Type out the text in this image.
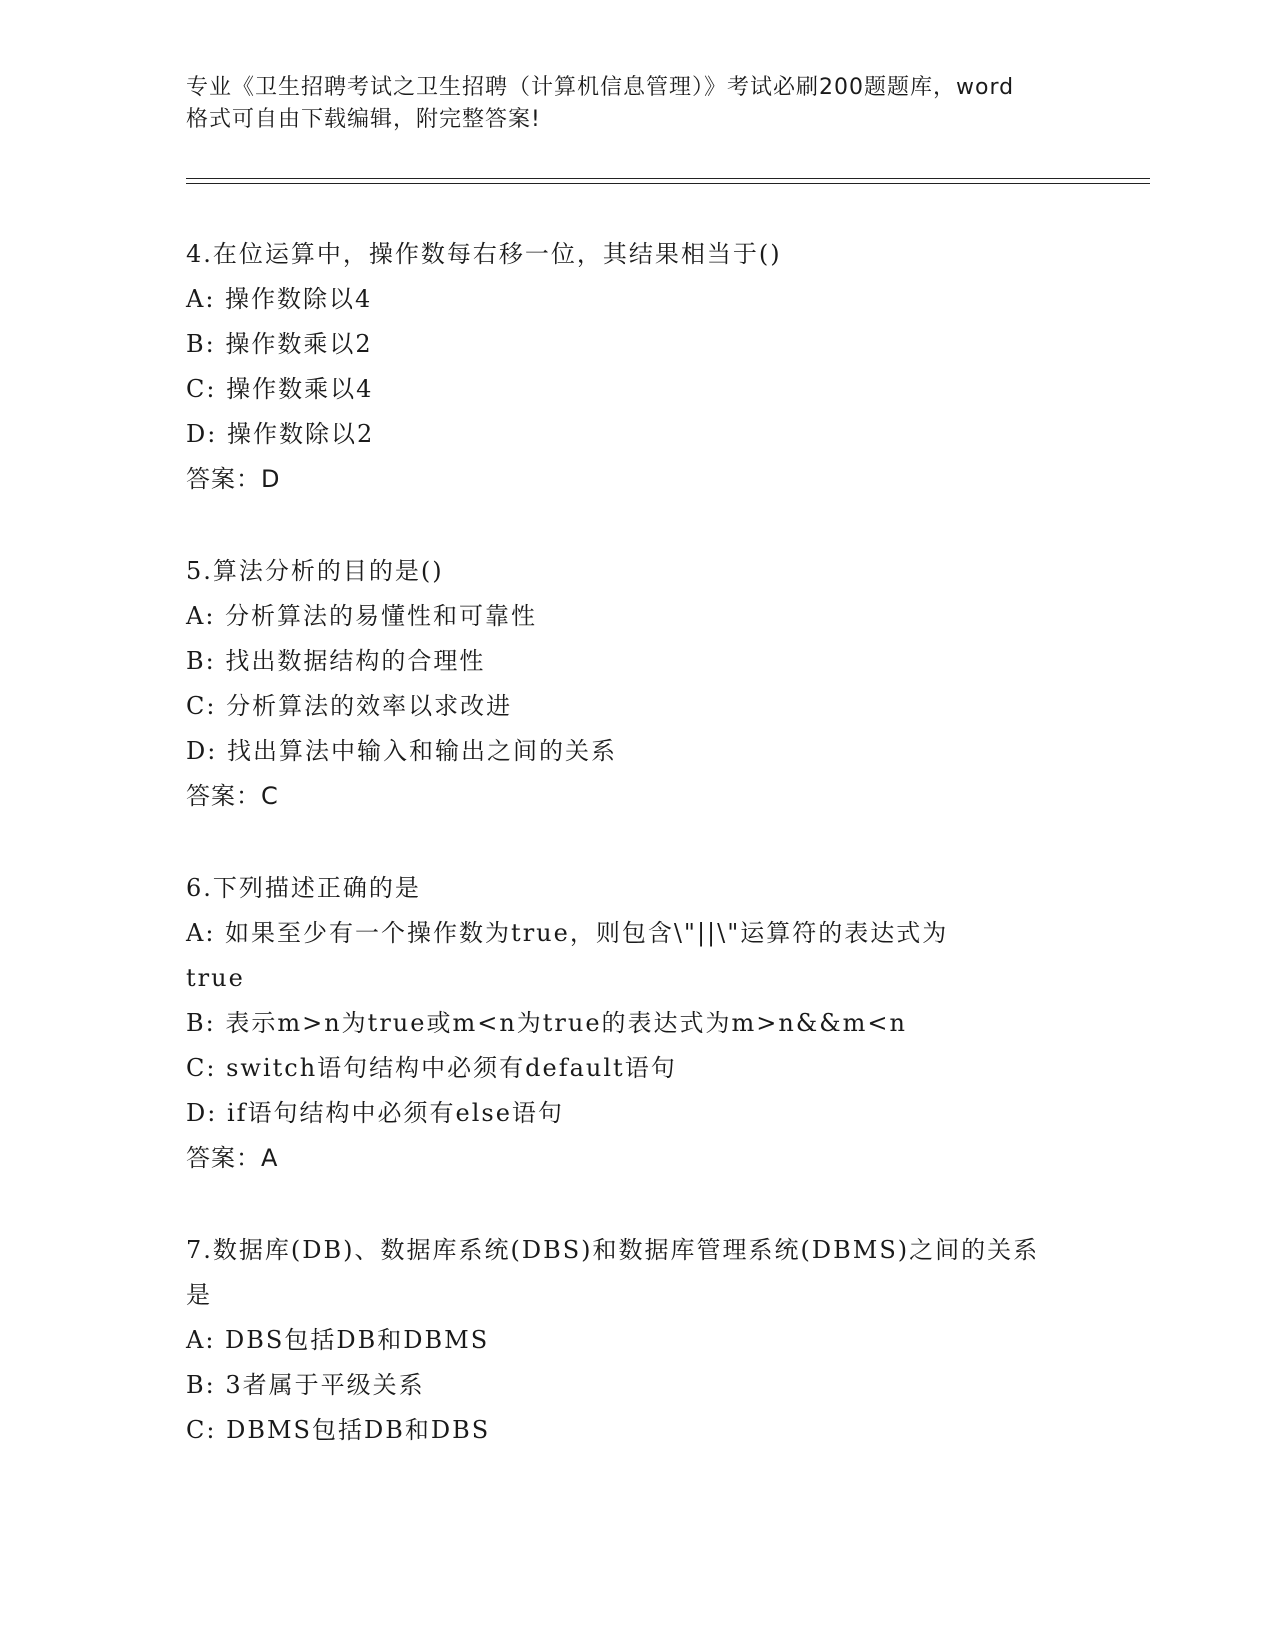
专业《卫生招聘考试之卫生招聘（计算机信息管理）》考试必刷200题题库，word
格式可自由下载编辑，附完整答案!
4.在位运算中，操作数每右移一位，其结果相当于()
A: 操作数除以4
B: 操作数乘以2
C: 操作数乘以4
D: 操作数除以2
答案：D
5.算法分析的目的是()
A: 分析算法的易懂性和可靠性
B: 找出数据结构的合理性
C: 分析算法的效率以求改进
D: 找出算法中输入和输出之间的关系
答案：C
6.下列描述正确的是
A: 如果至少有一个操作数为true，则包含\"||\"运算符的表达式为
true
B: 表示m>n为true或m<n为true的表达式为m>n&&m<n
C: switch语句结构中必须有default语句
D: if语句结构中必须有else语句
答案：A
7.数据库(DB)、数据库系统(DBS)和数据库管理系统(DBMS)之间的关系
是
A: DBS包括DB和DBMS
B: 3者属于平级关系
C: DBMS包括DB和DBS
